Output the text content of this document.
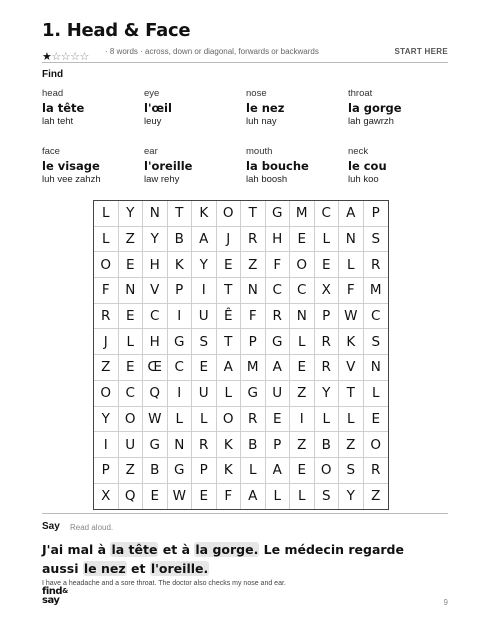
1. Head & Face
★☆☆☆☆ · 8 words · across, down or diagonal, forwards or backwards	START HERE
Find
head
la tête
lah teht
eye
l'œil
leuy
nose
le nez
luh nay
throat
la gorge
lah gawrzh
face
le visage
luh vee zahzh
ear
l'oreille
law rehy
mouth
la bouche
lah boosh
neck
le cou
luh koo
L	Y	N	T	K	O	T	G M	C	A	P
L	Z	Y	B	A	J	R	H	E	L	N	S
O	E	H	K	Y	E	Z	F	O	E	L	R
F	N	V	P	I	T	N	C	C	X	F	M
R	E	C	I	U	Ê	F	R	N	P	W	C
J	L	H	G	S	T	P	G	L	R	K	S
Z	E Œ C	E	A	M	A	E	R	V	N
O	C	Q	I	U	L	G	U	Z	Y	T	L
Y	O W	L	L	O	R	E	I	L	L	E
I	U	G	N	R	K	B	P	Z	B	Z	O
P	Z	B	G	P	K	L	A	E	O	S	R
X	Q	E	W	E	F	A	L	L	S	Y	Z
Say Read aloud.
J'ai mal à la tête et à la gorge. Le médecin regarde aussi le nez et l'oreille.
I have a headache and a sore throat. The doctor also checks my nose and ear.
find&
say	9
